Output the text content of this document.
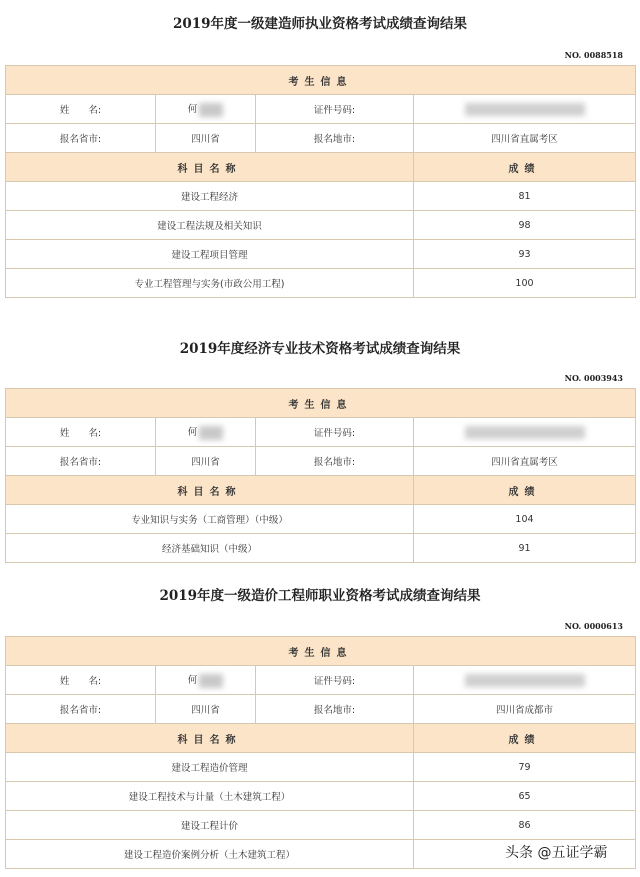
2019年度一级建造师执业资格考试成绩查询结果
NO. 0088518
考生信息			
姓　　名:	何	证件号码:	
报名省市:	四川省	报名地市:	四川省直属考区
科目名称			成绩
建设工程经济			81
建设工程法规及相关知识			98
建设工程项目管理			93
专业工程管理与实务(市政公用工程)			100
2019年度经济专业技术资格考试成绩查询结果
NO. 0003943
考生信息			
姓　　名:	何	证件号码:	
报名省市:	四川省	报名地市:	四川省直属考区
科目名称			成绩
专业知识与实务（工商管理）（中级）			104
经济基础知识（中级）			91
2019年度一级造价工程师职业资格考试成绩查询结果
NO. 0000613
考生信息			
姓　　名:	何	证件号码:	
报名省市:	四川省	报名地市:	四川省成都市
科目名称			成绩
建设工程造价管理			79
建设工程技术与计量（土木建筑工程）			65
建设工程计价			86
建设工程造价案例分析（土木建筑工程）				头条 @五证学霸
